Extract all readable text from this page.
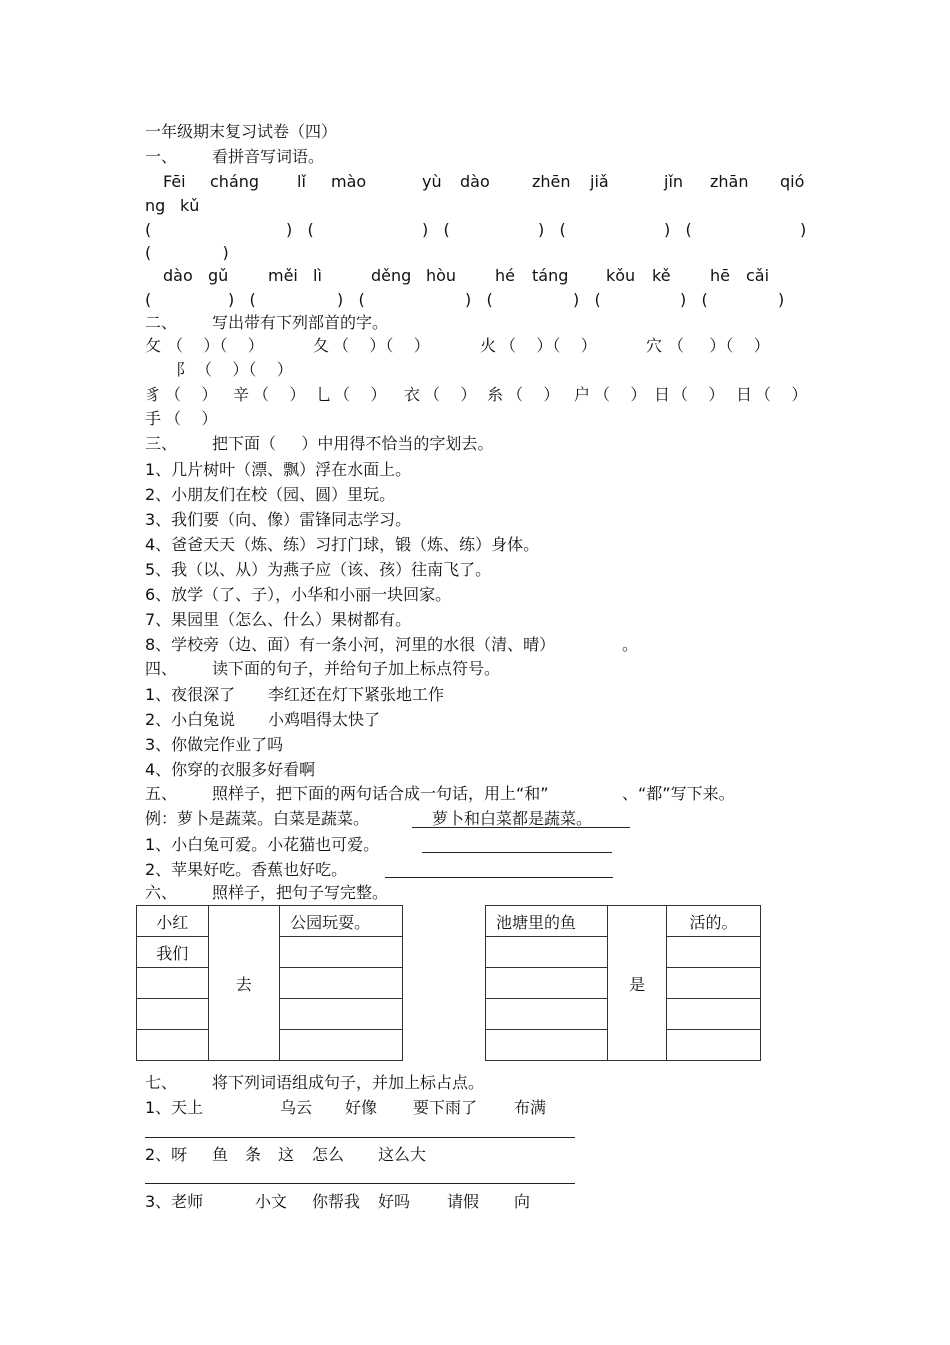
一年级期末复习试卷（四）
一、 看拼音写词语。
Fēi cháng lǐ mào	yù dào	zhēn jiǎ	jǐn zhān qió
ng kǔ
(	)   (	)   (	)   (	)   (	)
(              )
dào gǔ měi lì	děng hòu hé táng kǒu kě hē cǎi
(	)   (	)   (	)   (	)   (	)   (	)
二、 写出带有下列部首的字。
攵 （    ）（    ）	夂 （    ）（    ）	火 （    ）（    ）	穴 （     ）（    ）
阝 （    ）（    ）
豸 （    ） 辛 （    ） 乚 （    ） 衣 （    ） 糸 （    ） 户 （    ） 日 （    ） 日 （    ）
手 （    ）
三、 把下面（     ）中用得不恰当的字划去。
1、几片树叶（漂、飘）浮在水面上。
2、小朋友们在校（园、圆）里玩。
3、我们要（向、像）雷锋同志学习。
4、爸爸天天（炼、练）习打门球，锻（炼、练）身体。
5、我（以、从）为燕子应（该、孩）往南飞了。
6、放学（了、子），小华和小丽一块回家。
7、果园里（怎么、什么）果树都有。
8、学校旁（边、面）有一条小河，河里的水很（清、晴）	。
四、 读下面的句子，并给句子加上标点符号。
1、夜很深了 李红还在灯下紧张地工作
2、小白兔说 小鸡唱得太快了
3、你做完作业了吗
4、你穿的衣服多好看啊
五、 照样子，把下面的两句话合成一句话，用上“和”	、“都”写下来。
例：萝卜是蔬菜。白菜是蔬菜。	萝卜和白菜都是蔬菜。
1、小白兔可爱。小花猫也可爱。
2、苹果好吃。香蕉也好吃。
六、 照样子，把句子写完整。
小红	去	公园玩耍。
我们		

池塘里的鱼	是	活的。

七、 将下列词语组成句子，并加上标占点。
1、天上	乌云 好像 要下雨了 布满
2、呀 鱼 条 这 怎么 这么大
3、老师	小文 你帮我 好吗 请假 向
